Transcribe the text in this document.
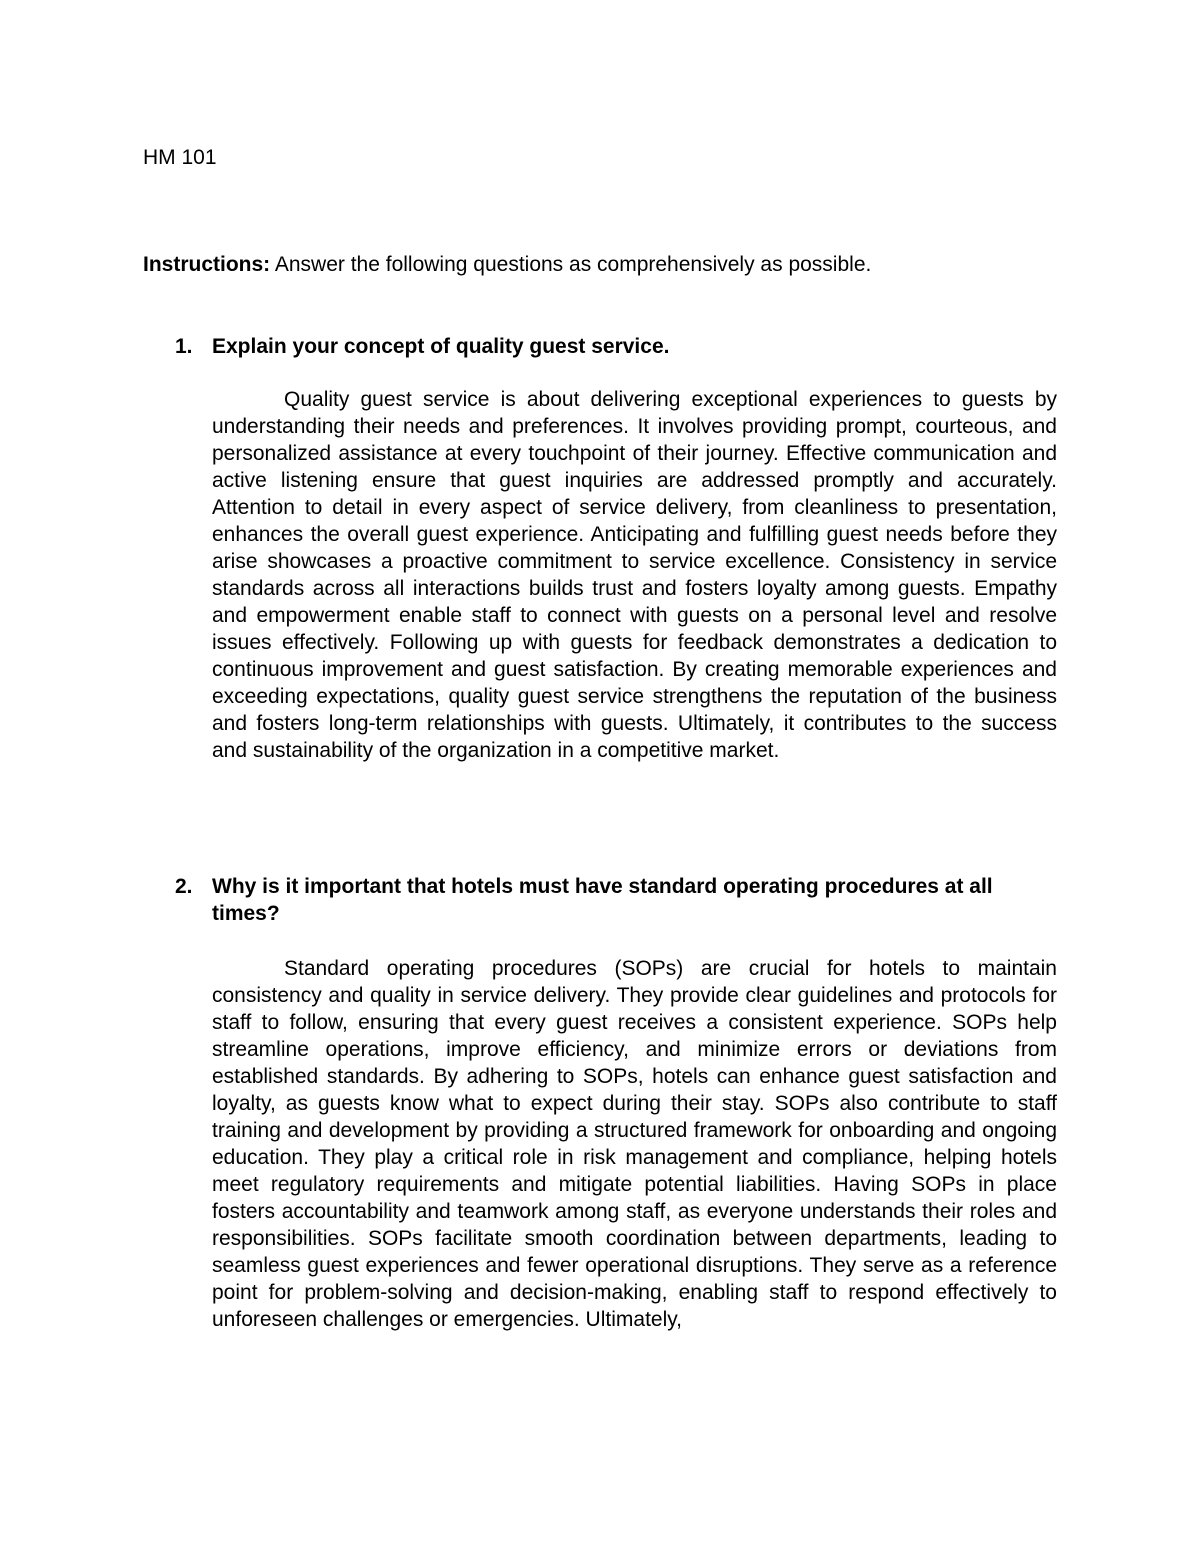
HM 101
Instructions: Answer the following questions as comprehensively as possible.
1. Explain your concept of quality guest service.

Quality guest service is about delivering exceptional experiences to guests by understanding their needs and preferences. It involves providing prompt, courteous, and personalized assistance at every touchpoint of their journey. Effective communication and active listening ensure that guest inquiries are addressed promptly and accurately. Attention to detail in every aspect of service delivery, from cleanliness to presentation, enhances the overall guest experience. Anticipating and fulfilling guest needs before they arise showcases a proactive commitment to service excellence. Consistency in service standards across all interactions builds trust and fosters loyalty among guests. Empathy and empowerment enable staff to connect with guests on a personal level and resolve issues effectively. Following up with guests for feedback demonstrates a dedication to continuous improvement and guest satisfaction. By creating memorable experiences and exceeding expectations, quality guest service strengthens the reputation of the business and fosters long-term relationships with guests. Ultimately, it contributes to the success and sustainability of the organization in a competitive market.

2. Why is it important that hotels must have standard operating procedures at all times?

Standard operating procedures (SOPs) are crucial for hotels to maintain consistency and quality in service delivery. They provide clear guidelines and protocols for staff to follow, ensuring that every guest receives a consistent experience. SOPs help streamline operations, improve efficiency, and minimize errors or deviations from established standards. By adhering to SOPs, hotels can enhance guest satisfaction and loyalty, as guests know what to expect during their stay. SOPs also contribute to staff training and development by providing a structured framework for onboarding and ongoing education. They play a critical role in risk management and compliance, helping hotels meet regulatory requirements and mitigate potential liabilities. Having SOPs in place fosters accountability and teamwork among staff, as everyone understands their roles and responsibilities. SOPs facilitate smooth coordination between departments, leading to seamless guest experiences and fewer operational disruptions. They serve as a reference point for problem-solving and decision-making, enabling staff to respond effectively to unforeseen challenges or emergencies. Ultimately,
